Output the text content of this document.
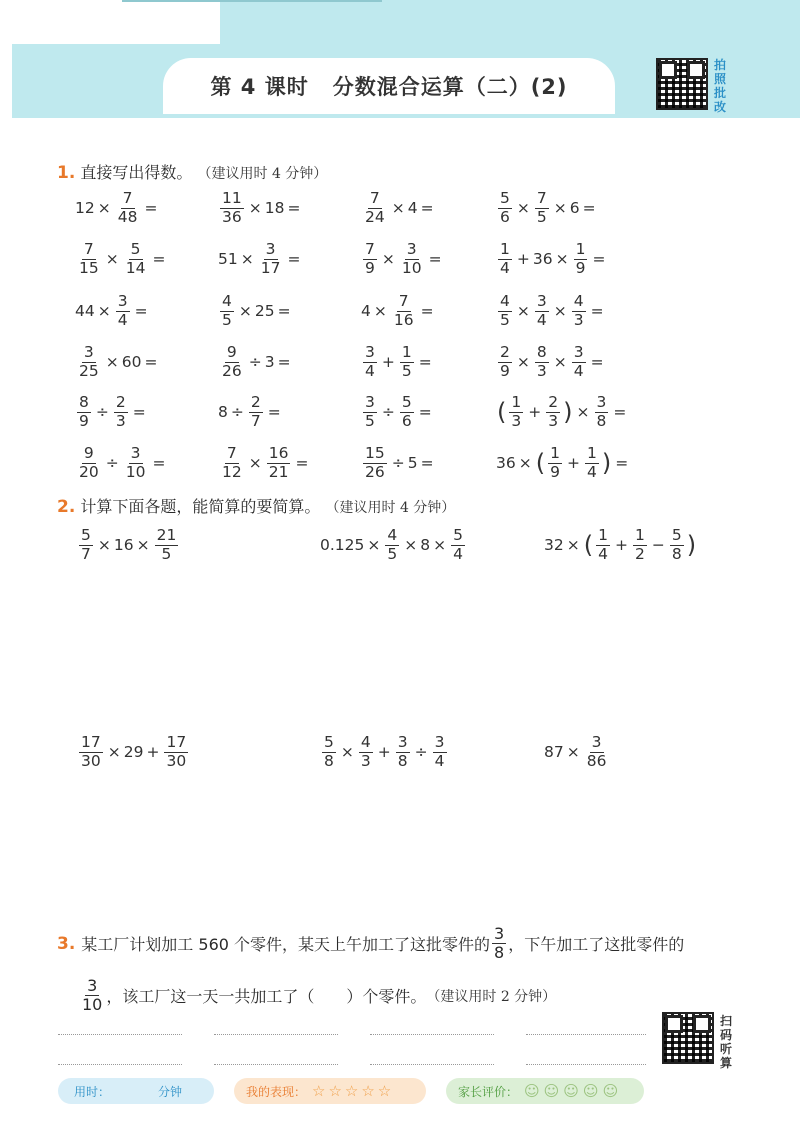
第 4 课时 分数混合运算（二）(2)
拍照批改
1. 直接写出得数。 （建议用时 4 分钟）
$12 \times \frac{7}{48}$ =	$\frac{11}{36} \times 18$ =	$\frac{7}{24} \times 4$ =	$\frac{5}{6} \times \frac{7}{5} \times 6$ =
$\frac{7}{15} \times \frac{5}{14}$ =	$51 \times \frac{3}{17}$ =	$\frac{7}{9} \times \frac{3}{10}$ =	$\frac{1}{4} + 36 \times \frac{1}{9}$ =
$44 \times \frac{3}{4}$ =	$\frac{4}{5} \times 25$ =	$4 \times \frac{7}{16}$ =	$\frac{4}{5} \times \frac{3}{4} \times \frac{4}{3}$ =
$\frac{3}{25} \times 60$ =	$\frac{9}{26} \div 3$ =	$\frac{3}{4} + \frac{1}{5}$ =	$\frac{2}{9} \times \frac{8}{3} \times \frac{3}{4}$ =
$\frac{8}{9} \div \frac{2}{3}$ =	$8 \div \frac{2}{7}$ =	$\frac{3}{5} \div \frac{5}{6}$ =	( $\frac{1}{3} + \frac{2}{3}$ ) × $\frac{3}{8}$ =
$\frac{9}{20} \div \frac{3}{10}$ =	$\frac{7}{12} \times \frac{16}{21}$ =	$\frac{15}{26} \div 5$ =	36 × ( $\frac{1}{9} + \frac{1}{4}$ ) =
2. 计算下面各题，能简算的要简算。 （建议用时 4 分钟）
$\frac{5}{7} \times 16 \times \frac{21}{5}$	$0.125 \times \frac{4}{5} \times 8 \times \frac{5}{4}$	32 × ( $\frac{1}{4} + \frac{1}{2} - \frac{5}{8}$ )
$\frac{17}{30} \times 29 + \frac{17}{30}$	$\frac{5}{8} \times \frac{4}{3} + \frac{3}{8} \div \frac{3}{4}$	$87 \times \frac{3}{86}$
3. 某工厂计划加工 560 个零件，某天上午加工了这批零件的
3
8 ，下午加工了这批零件的
3
10 ，该工厂这一天一共加工了（　　）个零件。 （建议用时 2 分钟）
扫码听算
用时：	分钟	我的表现： ☆☆☆☆☆	家长评价： ☺☺☺☺☺
